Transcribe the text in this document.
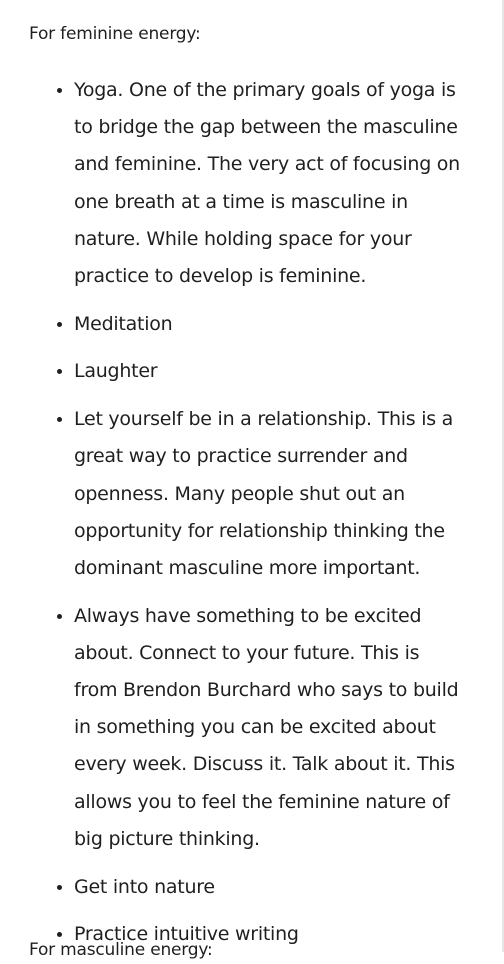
For feminine energy:
Yoga. One of the primary goals of yoga is to bridge the gap between the masculine and feminine. The very act of focusing on one breath at a time is masculine in nature. While holding space for your practice to develop is feminine.
Meditation
Laughter
Let yourself be in a relationship. This is a great way to practice surrender and openness. Many people shut out an opportunity for relationship thinking the dominant masculine more important.
Always have something to be excited about. Connect to your future. This is from Brendon Burchard who says to build in something you can be excited about every week. Discuss it. Talk about it. This allows you to feel the feminine nature of big picture thinking.
Get into nature
Practice intuitive writing
For masculine energy:
